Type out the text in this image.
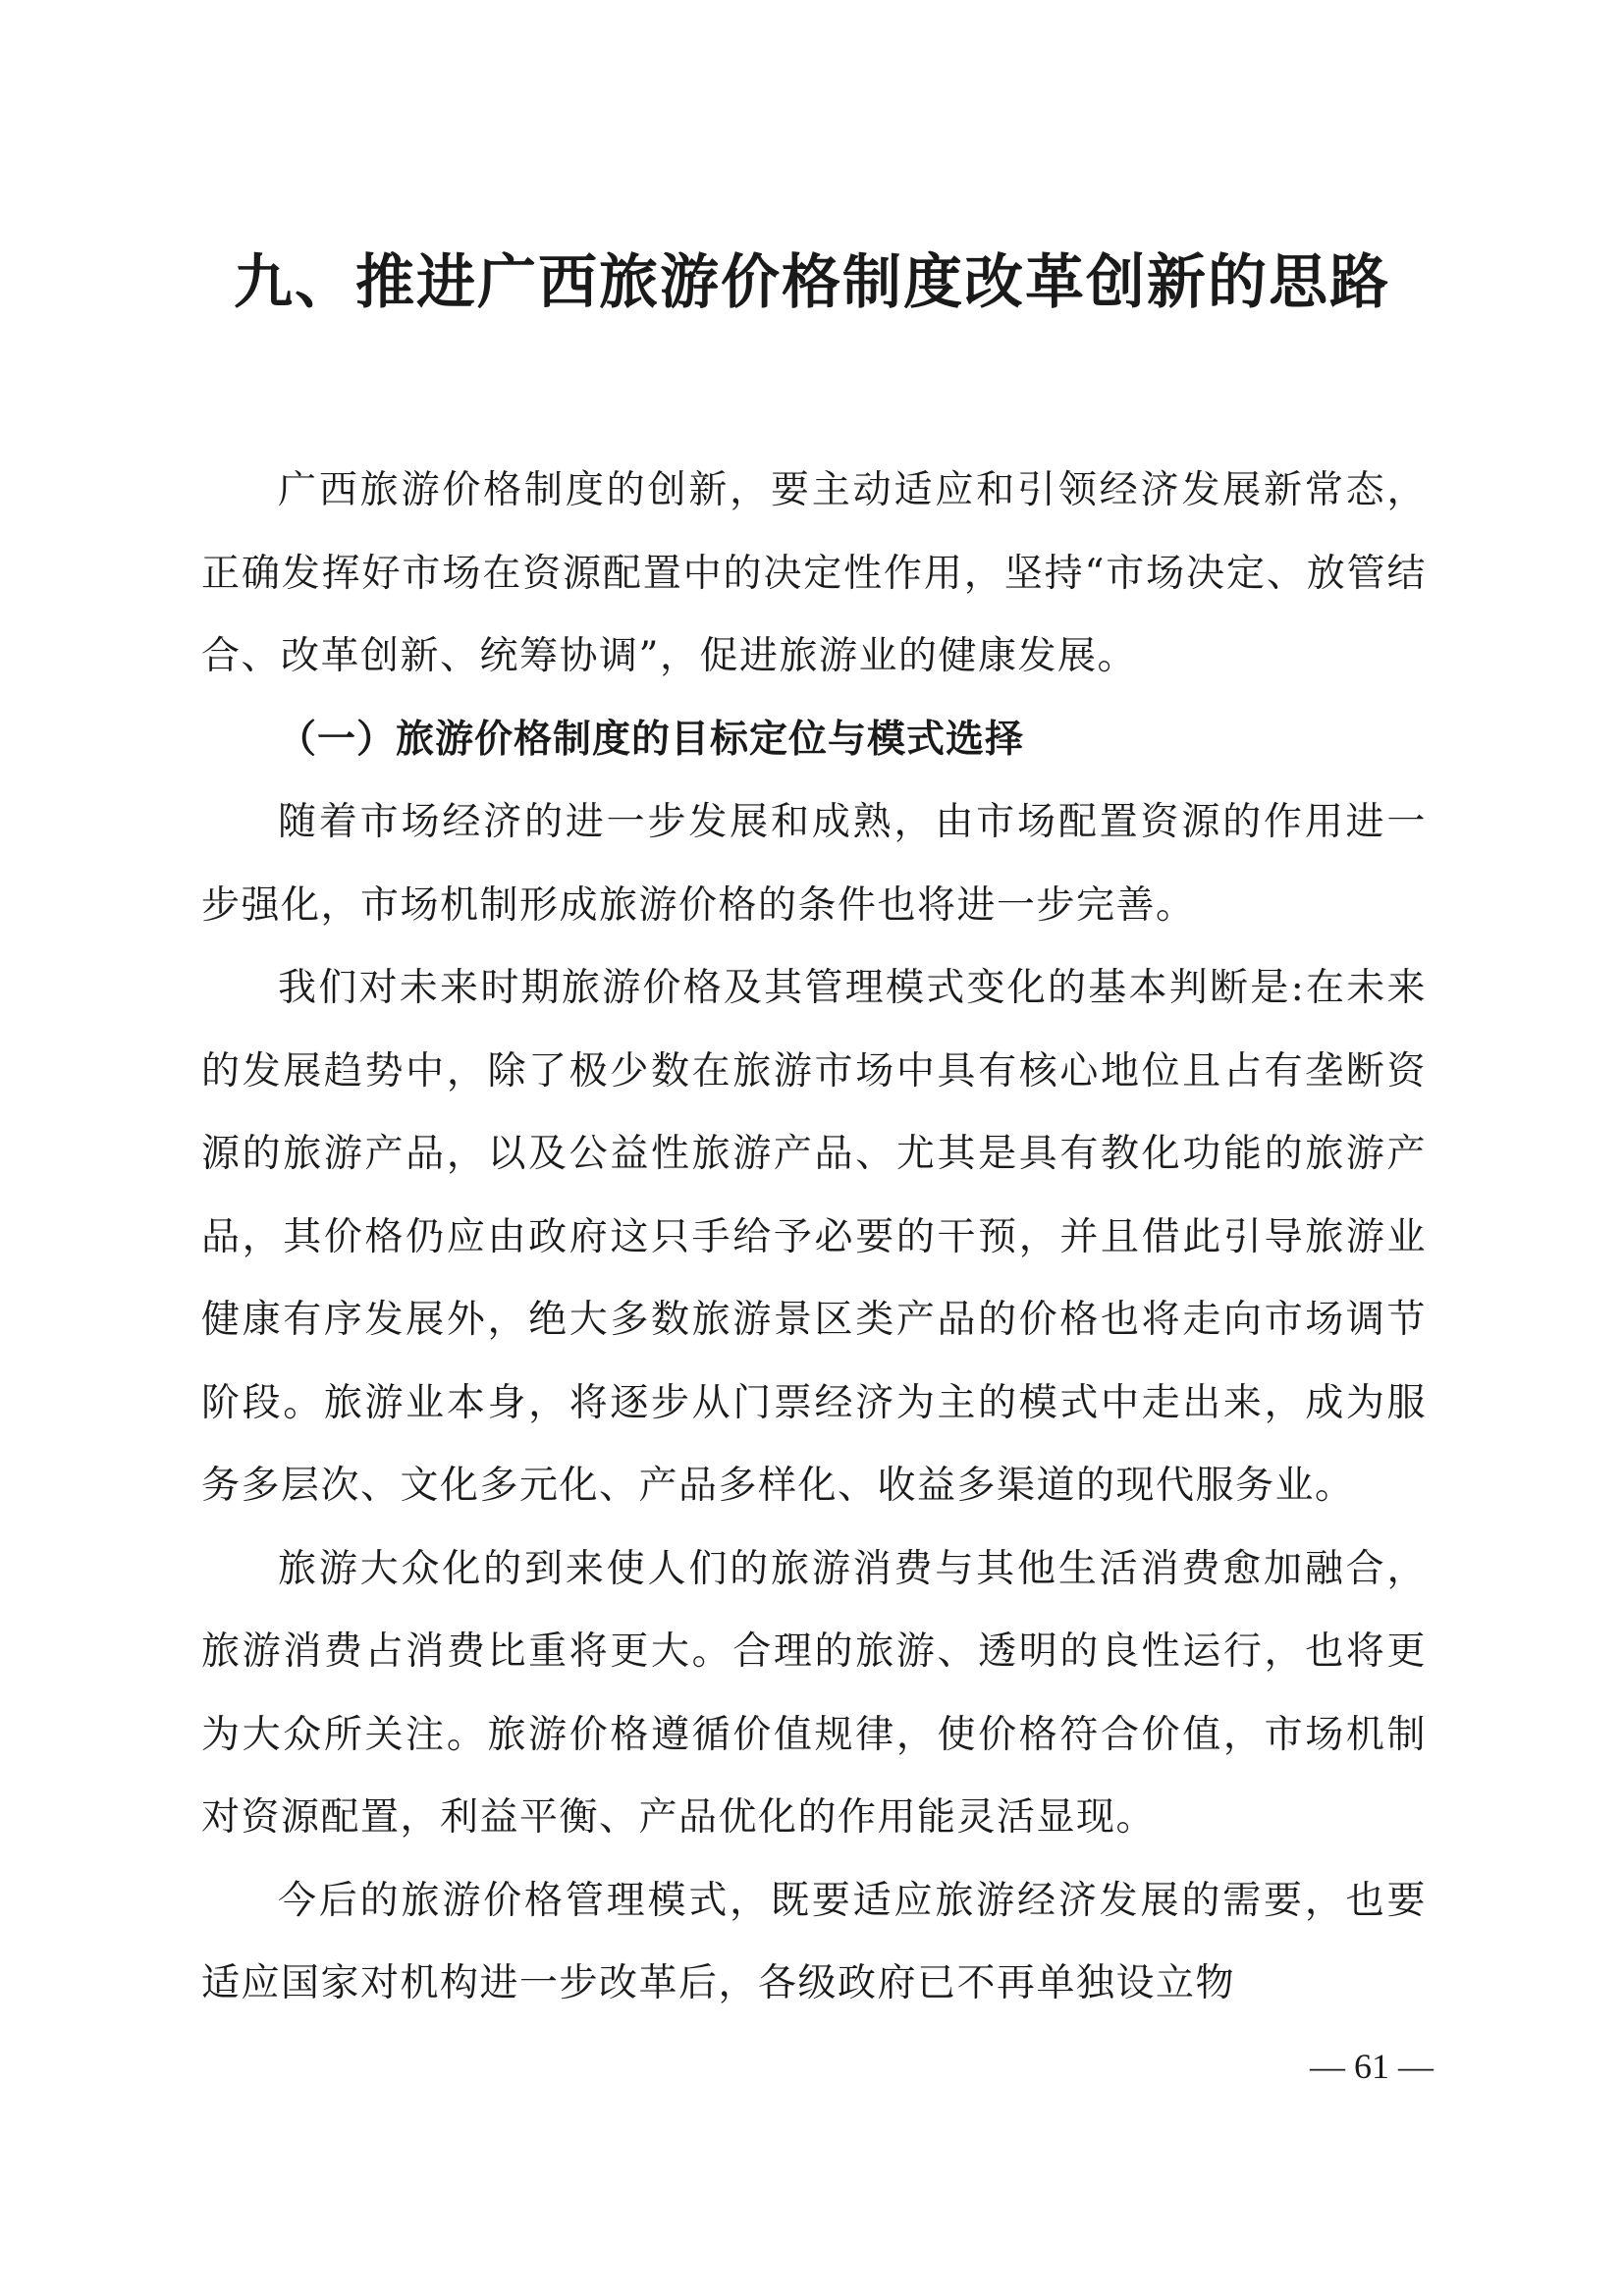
九、推进广西旅游价格制度改革创新的思路

广西旅游价格制度的创新，要主动适应和引领经济发展新常态，正确发挥好市场在资源配置中的决定性作用，坚持“市场决定、放管结合、改革创新、统筹协调”，促进旅游业的健康发展。

（一）旅游价格制度的目标定位与模式选择

随着市场经济的进一步发展和成熟，由市场配置资源的作用进一步强化，市场机制形成旅游价格的条件也将进一步完善。

我们对未来时期旅游价格及其管理模式变化的基本判断是:在未来的发展趋势中，除了极少数在旅游市场中具有核心地位且占有垄断资源的旅游产品，以及公益性旅游产品、尤其是具有教化功能的旅游产品，其价格仍应由政府这只手给予必要的干预，并且借此引导旅游业健康有序发展外，绝大多数旅游景区类产品的价格也将走向市场调节阶段。旅游业本身，将逐步从门票经济为主的模式中走出来，成为服务多层次、文化多元化、产品多样化、收益多渠道的现代服务业。

旅游大众化的到来使人们的旅游消费与其他生活消费愈加融合，旅游消费占消费比重将更大。合理的旅游、透明的良性运行，也将更为大众所关注。旅游价格遵循价值规律，使价格符合价值，市场机制对资源配置，利益平衡、产品优化的作用能灵活显现。

今后的旅游价格管理模式，既要适应旅游经济发展的需要，也要适应国家对机构进一步改革后，各级政府已不再单独设立物

— 61 —
